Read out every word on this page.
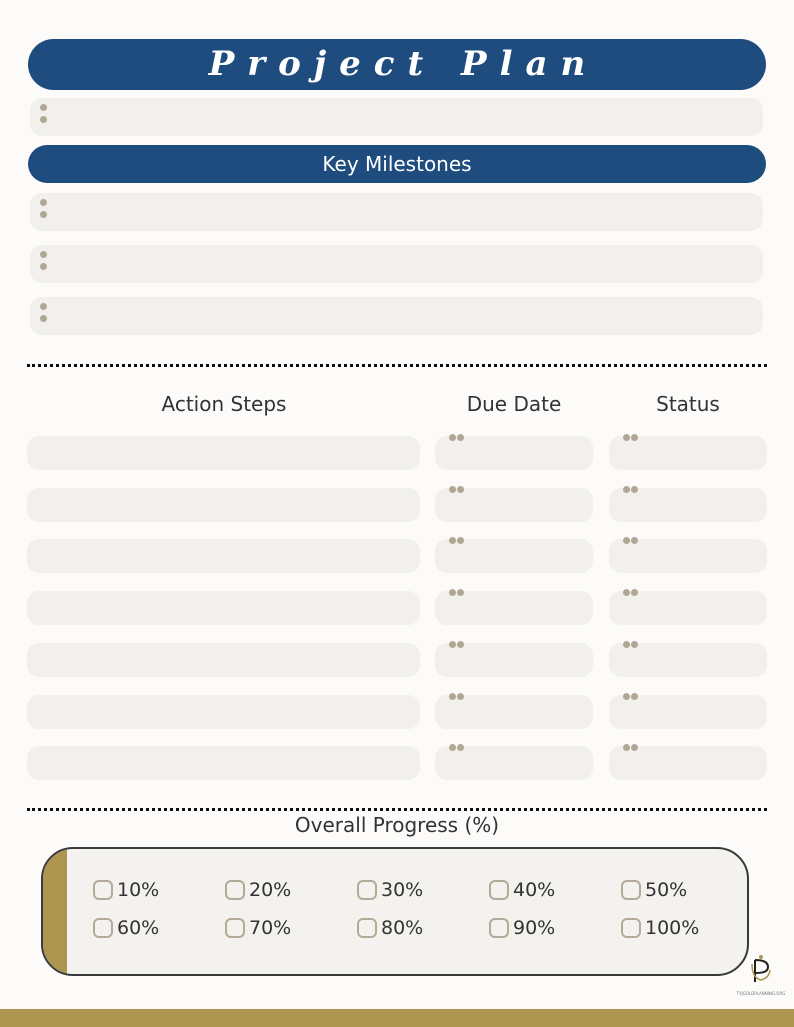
Project Plan
Key Milestones
Action Steps	Due Date	Status
Overall Progress (%)
10%	20%	30%	40%	50%
60%	70%	80%	90%	100%
TYJGOLDPLANNING.ORG
